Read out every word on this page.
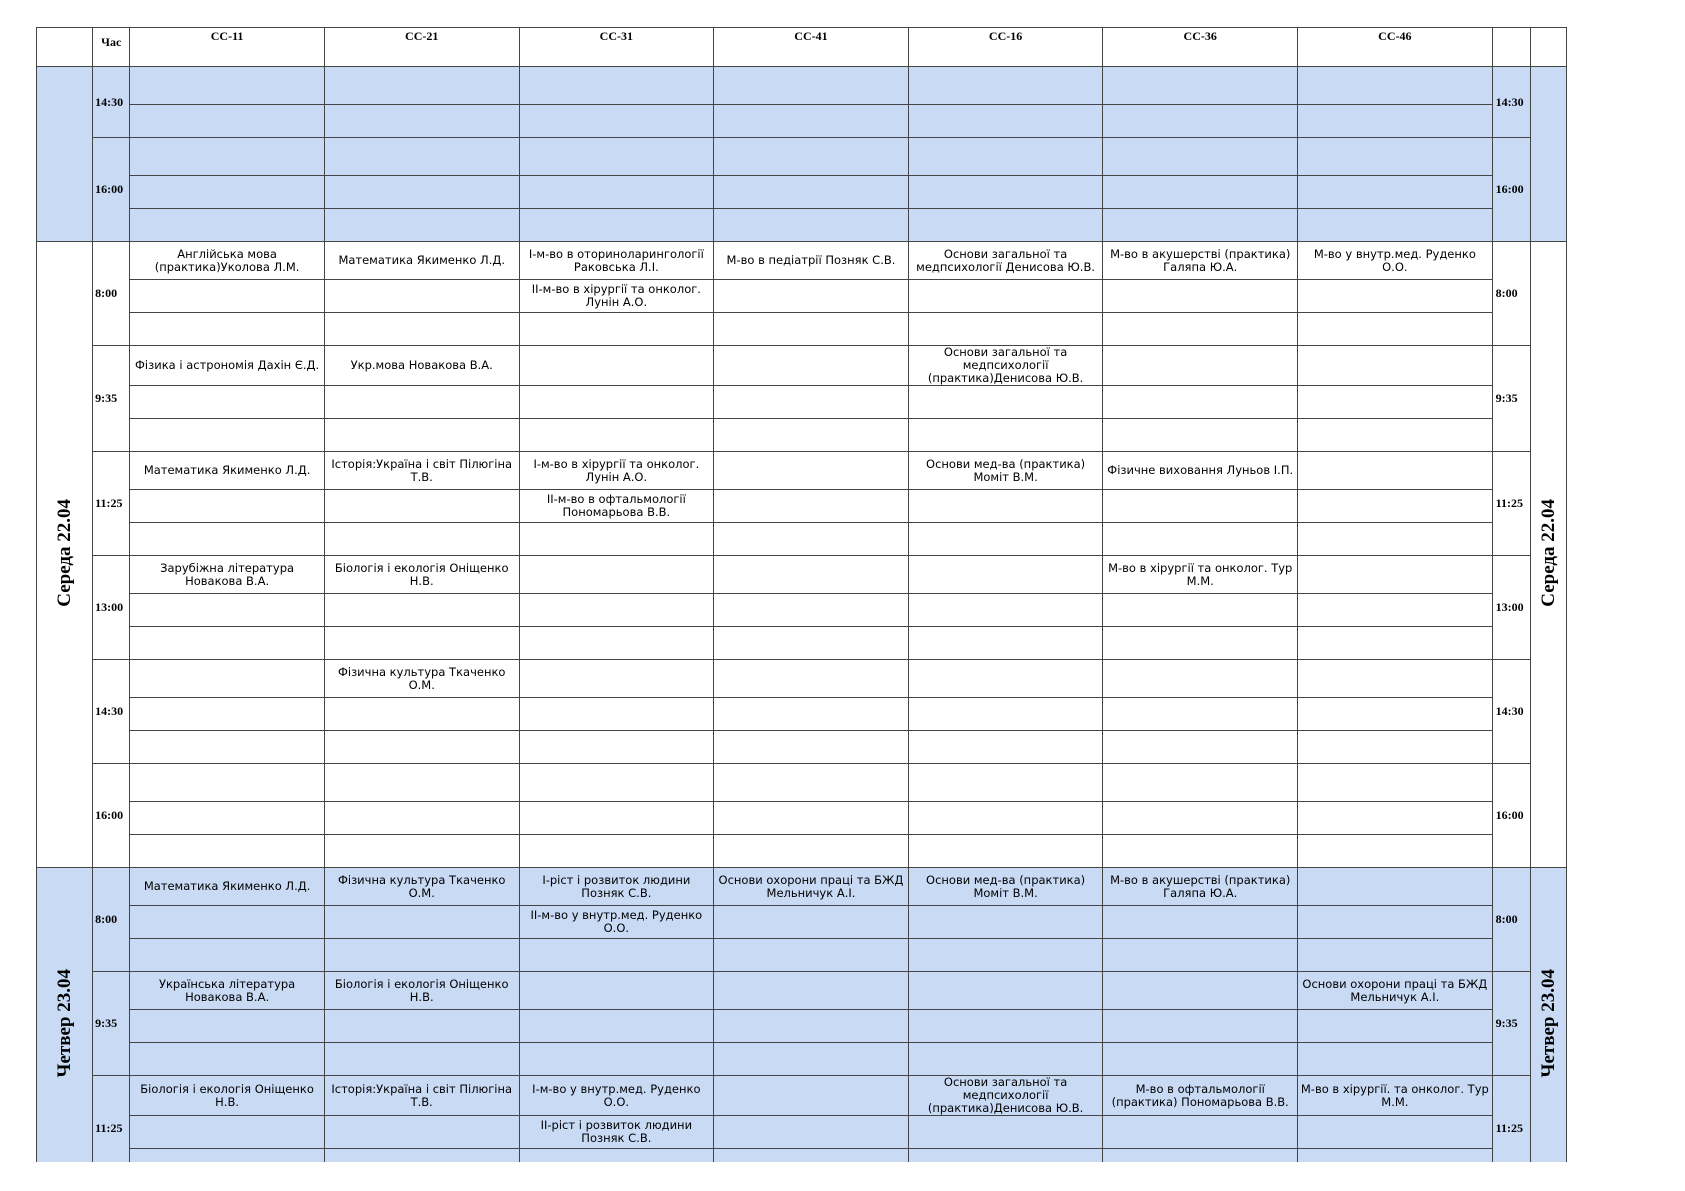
	Час	СС-11	СС-21	СС-31	СС-41	СС-16	СС-36	СС-46		
	14:30								14:30	

	16:00								16:00	

Середа 22.04	8:00	Англійська мова (практика)Уколова Л.М.	Математика Якименко Л.Д.	І-м-во в оториноларингології Раковська Л.І.	М-во в педіатрії Позняк С.В.	Основи загальної та медпсихології Денисова Ю.В.	М-во в акушерстві (практика) Галяпа Ю.А.	М-во у внутр.мед. Руденко О.О.	8:00	Середа 22.04
				ІІ-м-во в хірургії та онколог. Лунін А.О.						

	9:35	Фізика і астрономія Дахін Є.Д.	Укр.мова Новакова В.А.			Основи загальної та медпсихології (практика)Денисова Ю.В.			9:35	

	11:25	Математика Якименко Л.Д.	Історія:Україна і світ Пілюгіна Т.В.	І-м-во в хірургії та онколог. Лунін А.О.		Основи мед-ва (практика) Моміт В.М.	Фізичне виховання Луньов І.П.		11:25	
				ІІ-м-во в офтальмології Пономарьова В.В.						

	13:00	Зарубіжна література Новакова В.А.	Біологія і екологія Оніщенко Н.В.				М-во в хірургії та онколог. Тур М.М.		13:00	

	14:30		Фізична культура Ткаченко О.М.						14:30	

	16:00								16:00	

Четвер 23.04	8:00	Математика Якименко Л.Д.	Фізична культура Ткаченко О.М.	І-ріст і розвиток людини Позняк С.В.	Основи охорони праці та БЖД Мельничук А.І.	Основи мед-ва (практика) Моміт В.М.	М-во в акушерстві (практика) Галяпа Ю.А.		8:00	Четвер 23.04
				ІІ-м-во у внутр.мед. Руденко О.О.						

	9:35	Українська література Новакова В.А.	Біологія і екологія Оніщенко Н.В.					Основи охорони праці та БЖД Мельничук А.І.	9:35	

	11:25	Біологія і екологія Оніщенко Н.В.	Історія:Україна і світ Пілюгіна Т.В.	І-м-во у внутр.мед. Руденко О.О.		Основи загальної та медпсихології (практика)Денисова Ю.В.	М-во в офтальмології (практика) Пономарьова В.В.	М-во в хірургії. та онколог. Тур М.М.	11:25	
				ІІ-ріст і розвиток людини Позняк С.В.						
